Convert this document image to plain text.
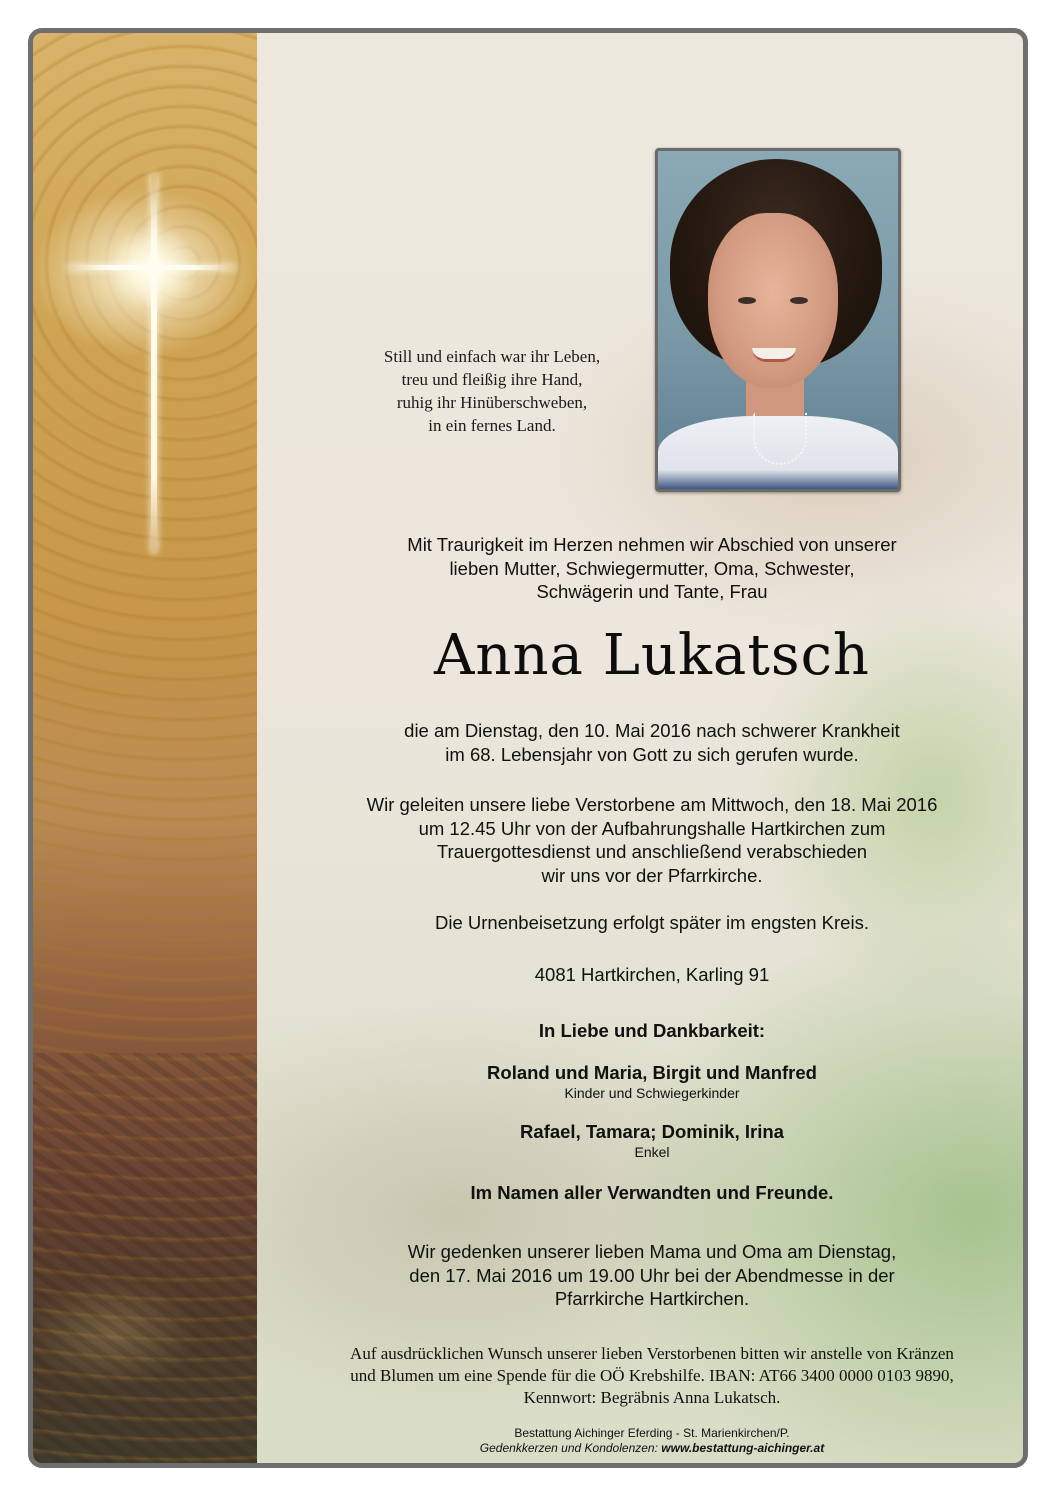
Still und einfach war ihr Leben,
treu und fleißig ihre Hand,
ruhig ihr Hinüberschweben,
in ein fernes Land.
Mit Traurigkeit im Herzen nehmen wir Abschied von unserer
lieben Mutter, Schwiegermutter, Oma, Schwester,
Schwägerin und Tante, Frau
Anna Lukatsch
die am Dienstag, den 10. Mai 2016 nach schwerer Krankheit
im 68. Lebensjahr von Gott zu sich gerufen wurde.
Wir geleiten unsere liebe Verstorbene am Mittwoch, den 18. Mai 2016
um 12.45 Uhr von der Aufbahrungshalle Hartkirchen zum
Trauergottesdienst und anschließend verabschieden
wir uns vor der Pfarrkirche.
Die Urnenbeisetzung erfolgt später im engsten Kreis.
4081 Hartkirchen, Karling 91
In Liebe und Dankbarkeit:
Roland und Maria, Birgit und Manfred
Kinder und Schwiegerkinder
Rafael, Tamara; Dominik, Irina
Enkel
Im Namen aller Verwandten und Freunde.
Wir gedenken unserer lieben Mama und Oma am Dienstag,
den 17. Mai 2016 um 19.00 Uhr bei der Abendmesse in der
Pfarrkirche Hartkirchen.
Auf ausdrücklichen Wunsch unserer lieben Verstorbenen bitten wir anstelle von Kränzen
und Blumen um eine Spende für die OÖ Krebshilfe. IBAN: AT66 3400 0000 0103 9890,
Kennwort: Begräbnis Anna Lukatsch.
Bestattung Aichinger Eferding - St. Marienkirchen/P.
Gedenkkerzen und Kondolenzen: www.bestattung-aichinger.at
